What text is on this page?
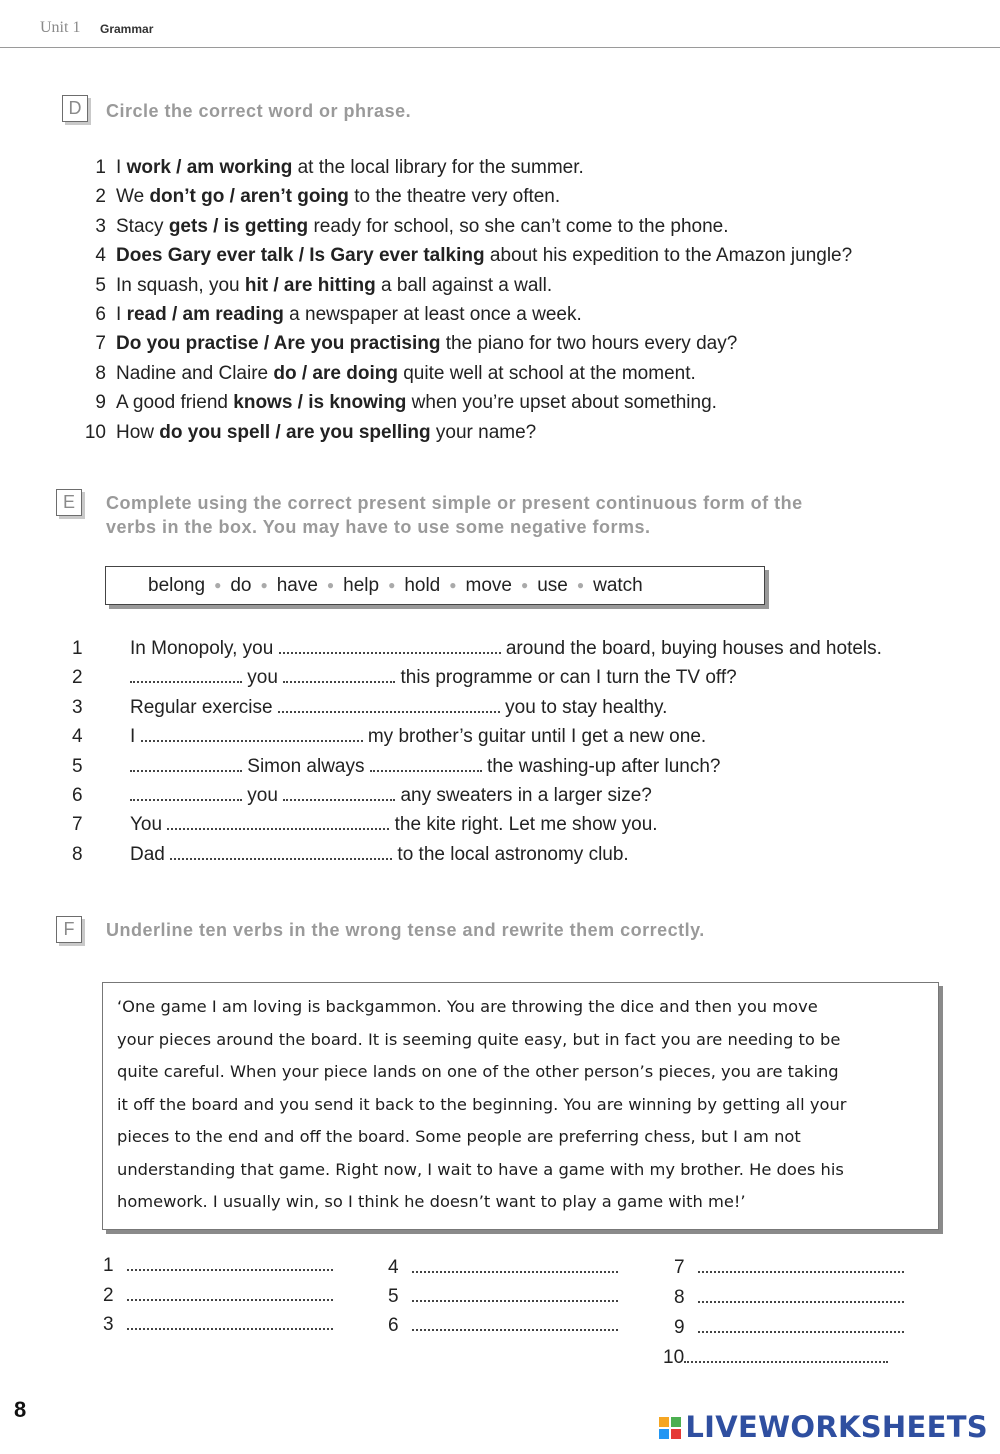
Unit 1 Grammar
D	Circle the correct word or phrase.
1 I work / am working at the local library for the summer.
2 We don’t go / aren’t going to the theatre very often.
3 Stacy gets / is getting ready for school, so she can’t come to the phone.
4 Does Gary ever talk / Is Gary ever talking about his expedition to the Amazon jungle?
5 In squash, you hit / are hitting a ball against a wall.
6 I read / am reading a newspaper at least once a week.
7 Do you practise / Are you practising the piano for two hours every day?
8 Nadine and Claire do / are doing quite well at school at the moment.
9 A good friend knows / is knowing when you’re upset about something.
10 How do you spell / are you spelling your name?
E	Complete using the correct present simple or present continuous form of the
verbs in the box. You may have to use some negative forms.
belong ● do ● have ● help ● hold ● move ● use ● watch
1 In Monopoly, you	around the board, buying houses and hotels.
2	you	this programme or can I turn the TV off?
3 Regular exercise	you to stay healthy.
4 I	my brother’s guitar until I get a new one.
5	Simon always	the washing-up after lunch?
6	you	any sweaters in a larger size?
7 You	the kite right. Let me show you.
8 Dad	to the local astronomy club.
F	Underline ten verbs in the wrong tense and rewrite them correctly.
‘One game I am loving is backgammon. You are throwing the dice and then you move
your pieces around the board. It is seeming quite easy, but in fact you are needing to be
quite careful. When your piece lands on one of the other person’s pieces, you are taking
it off the board and you send it back to the beginning. You are winning by getting all your
pieces to the end and off the board. Some people are preferring chess, but I am not
understanding that game. Right now, I wait to have a game with my brother. He does his
homework. I usually win, so I think he doesn’t want to play a game with me!’
1
2
3
4
5
6
7
8
9
10
8
LIVEWORKSHEETS
